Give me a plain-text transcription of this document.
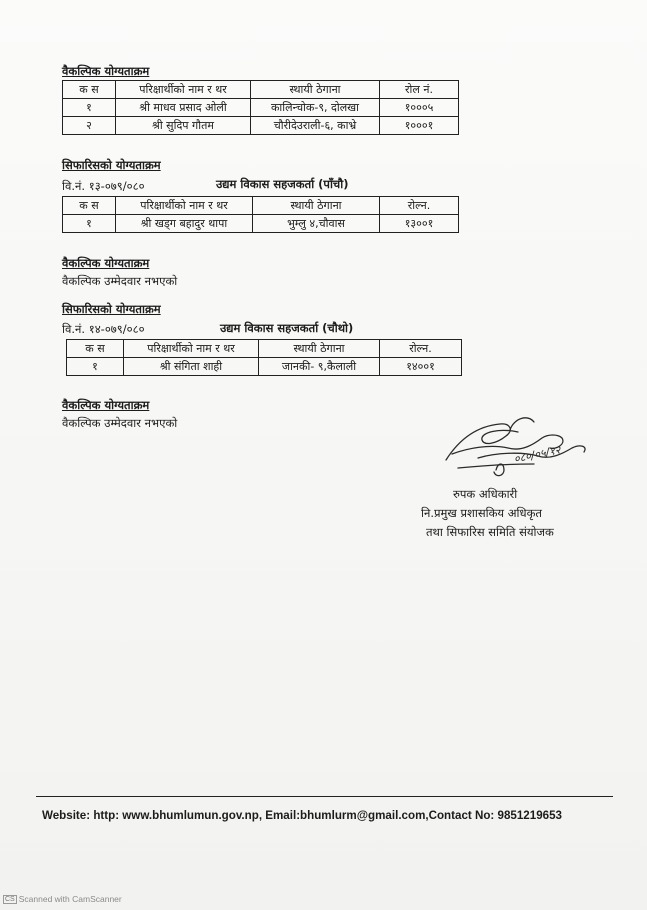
वैकल्पिक योग्यताक्रम
क स	परिक्षार्थीको नाम र थर	स्थायी ठेगाना	रोल नं.
१	श्री माधव प्रसाद ओली	कालिन्चोक-९, दोलखा	१०००५
२	श्री सुदिप गौतम	चौरीदेउराली-६, काभ्रे	१०००१
सिफारिसको योग्यताक्रम
वि.नं. १३-०७९/०८०	उद्यम विकास सहजकर्ता (पाँचौ)
क स	परिक्षार्थीको नाम र थर	स्थायी ठेगाना	रोल्न.
१	श्री खड्ग बहादुर थापा	भुम्लु ४,चौवास	१३००१
वैकल्पिक योग्यताक्रम
वैकल्पिक उम्मेदवार नभएको
सिफारिसको योग्यताक्रम
वि.नं. १४-०७९/०८०	उद्यम विकास सहजकर्ता (चौथो)
क स	परिक्षार्थीको नाम र थर	स्थायी ठेगाना	रोल्न.
१	श्री संगिता शाही	जानकी- ९,कैलाली	१४००१
वैकल्पिक योग्यताक्रम
वैकल्पिक उम्मेदवार नभएको
०८०/०५/१२
रुपक अधिकारी
नि.प्रमुख प्रशासकिय अधिकृत
तथा सिफारिस समिति संयोजक
Website: http: www.bhumlumun.gov.np, Email:bhumlurm@gmail.com,Contact No: 9851219653
CS Scanned with CamScanner
